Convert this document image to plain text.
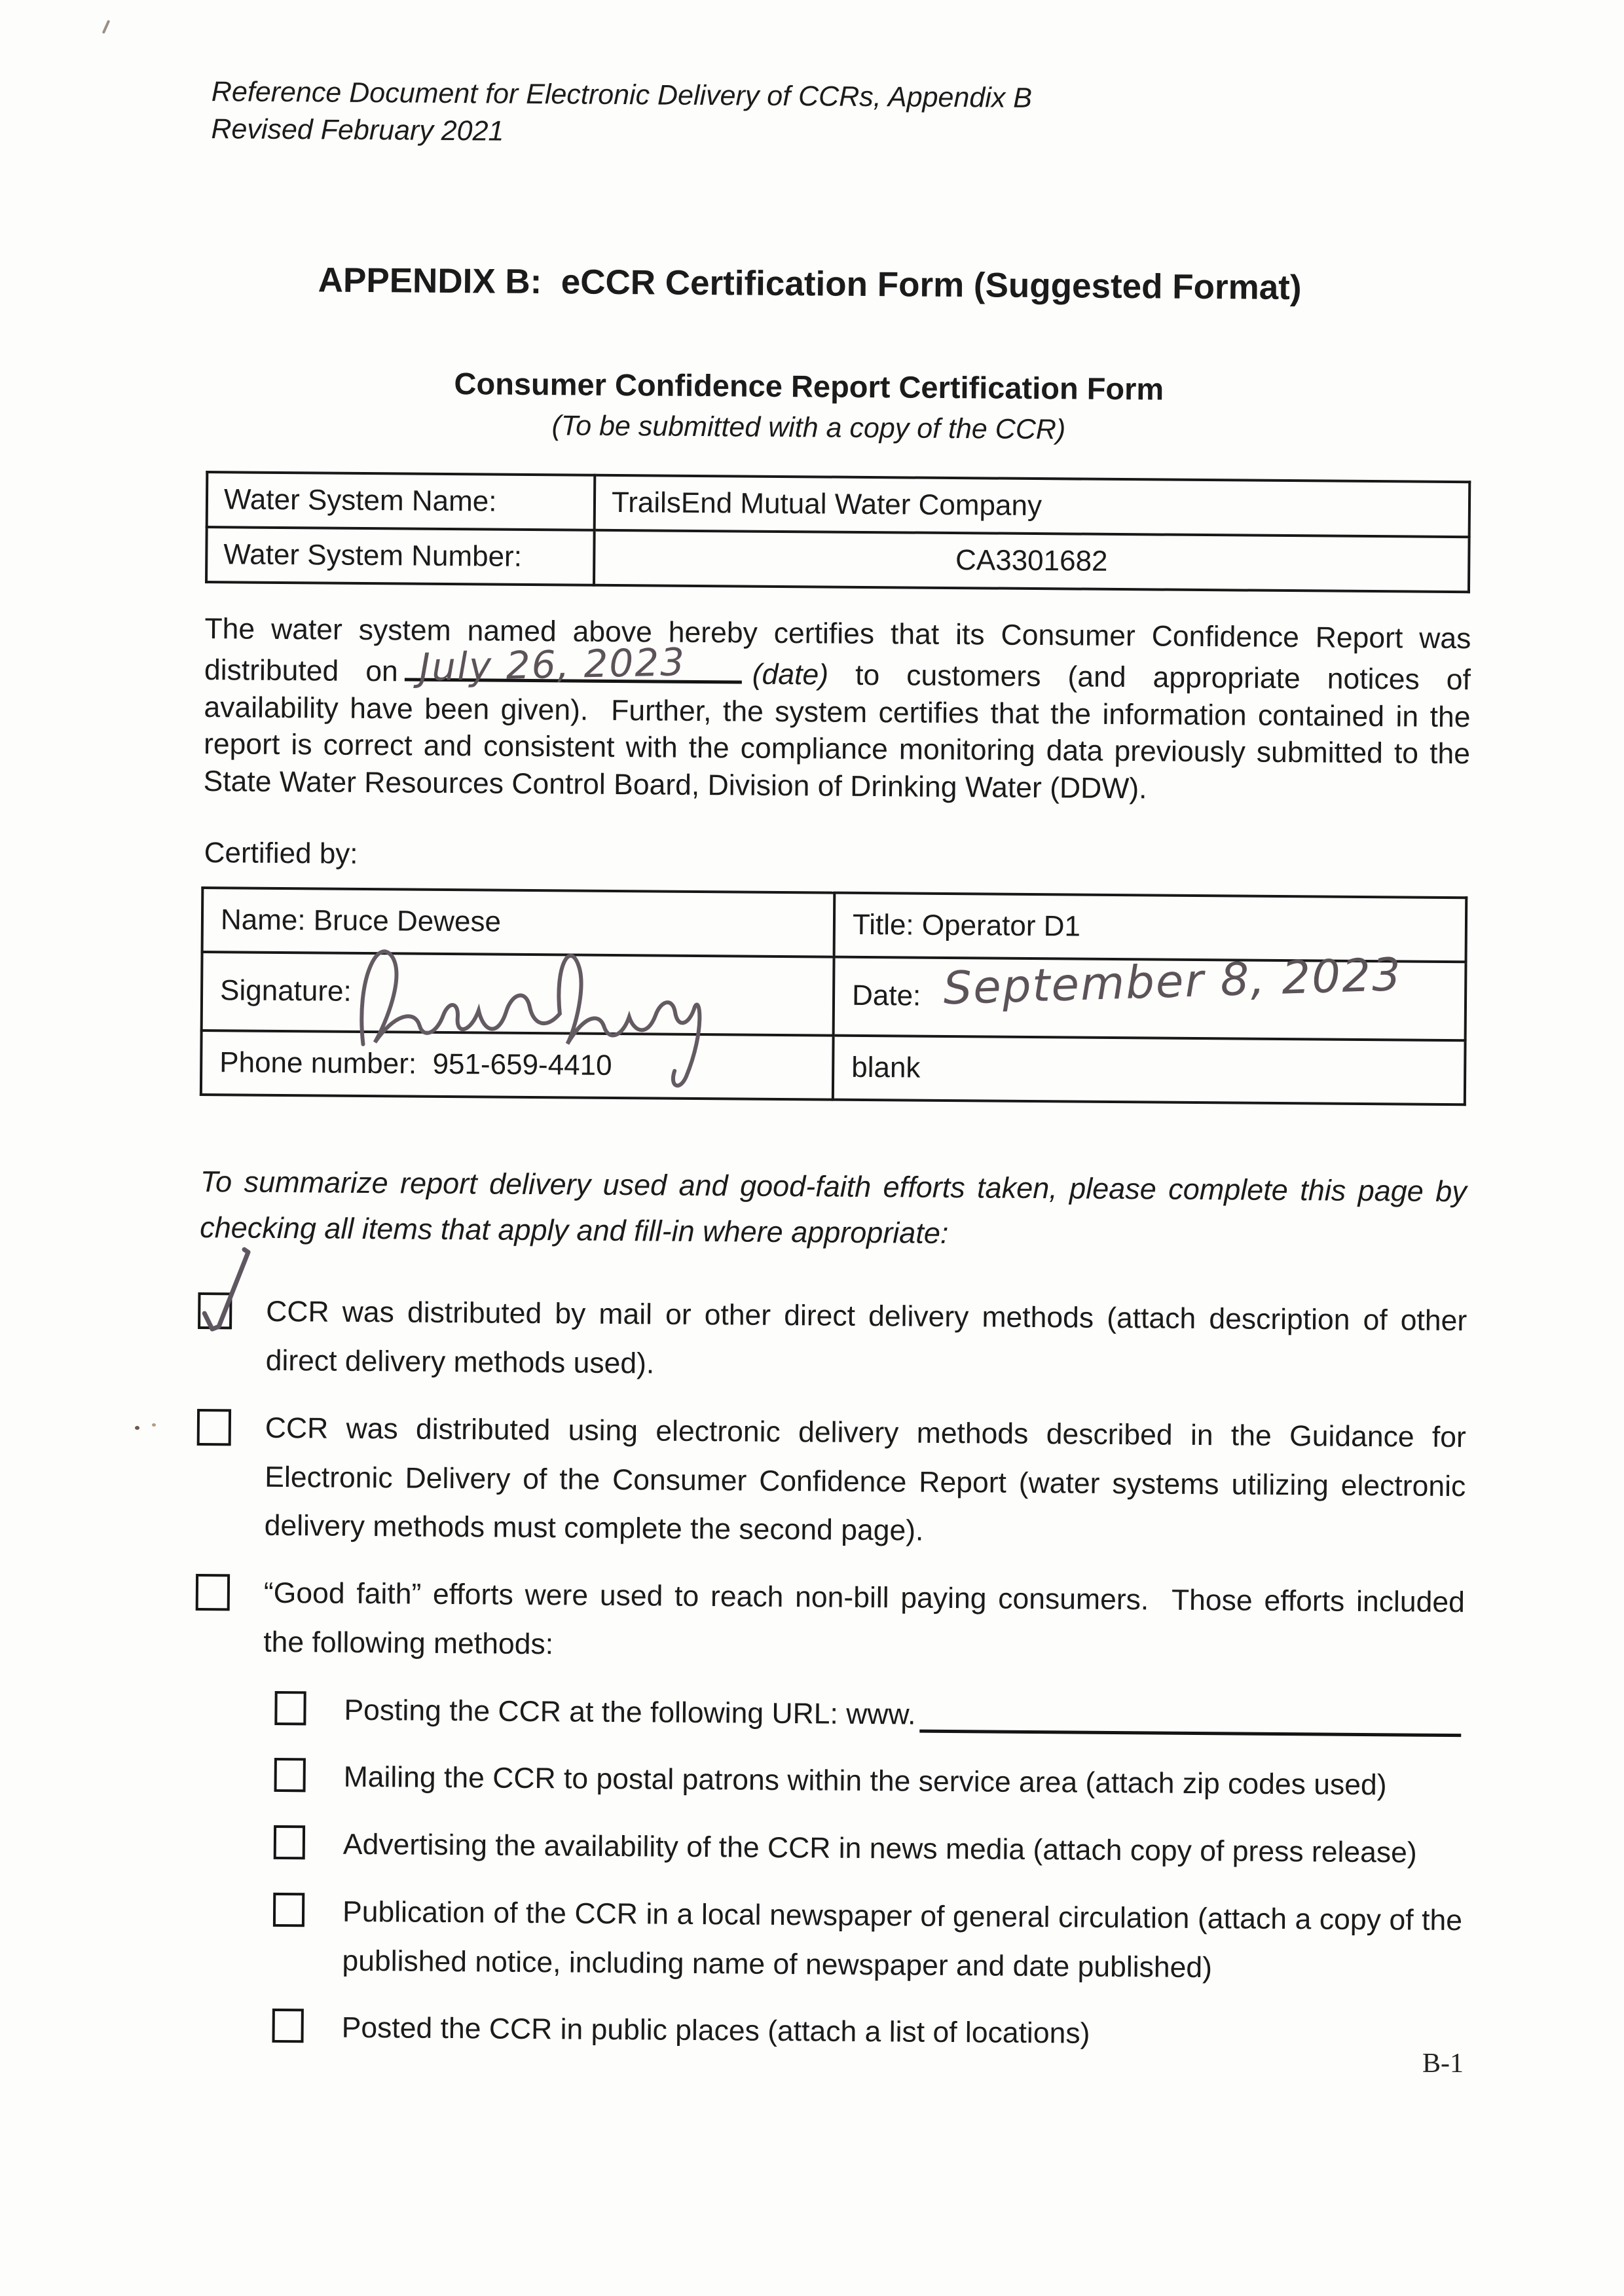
Reference Document for Electronic Delivery of CCRs, Appendix B
Revised February 2021
APPENDIX B:  eCCR Certification Form (Suggested Format)
Consumer Confidence Report Certification Form
(To be submitted with a copy of the CCR)
Water System Name:	TrailsEnd Mutual Water Company
Water System Number:	CA3301682

The water system named above hereby certifies that its Consumer Confidence Report was distributed on July 26, 2023 (date) to customers (and appropriate notices of availability have been given).  Further, the system certifies that the information contained in the report is correct and consistent with the compliance monitoring data previously submitted to the State Water Resources Control Board, Division of Drinking Water (DDW).

Certified by:

Name: Bruce Dewese	Title: Operator D1
Signature:	Date: September 8, 2023

Phone number:  951-659-4410	blank

To summarize report delivery used and good-faith efforts taken, please complete this page by checking all items that apply and fill-in where appropriate:

CCR was distributed by mail or other direct delivery methods (attach description of other direct delivery methods used).
CCR was distributed using electronic delivery methods described in the Guidance for Electronic Delivery of the Consumer Confidence Report (water systems utilizing electronic delivery methods must complete the second page).
“Good faith” efforts were used to reach non-bill paying consumers.  Those efforts included the following methods:
Posting the CCR at the following URL: www.
Mailing the CCR to postal patrons within the service area (attach zip codes used)
Advertising the availability of the CCR in news media (attach copy of press release)
Publication of the CCR in a local newspaper of general circulation (attach a copy of the published notice, including name of newspaper and date published)
Posted the CCR in public places (attach a list of locations)
B-1
